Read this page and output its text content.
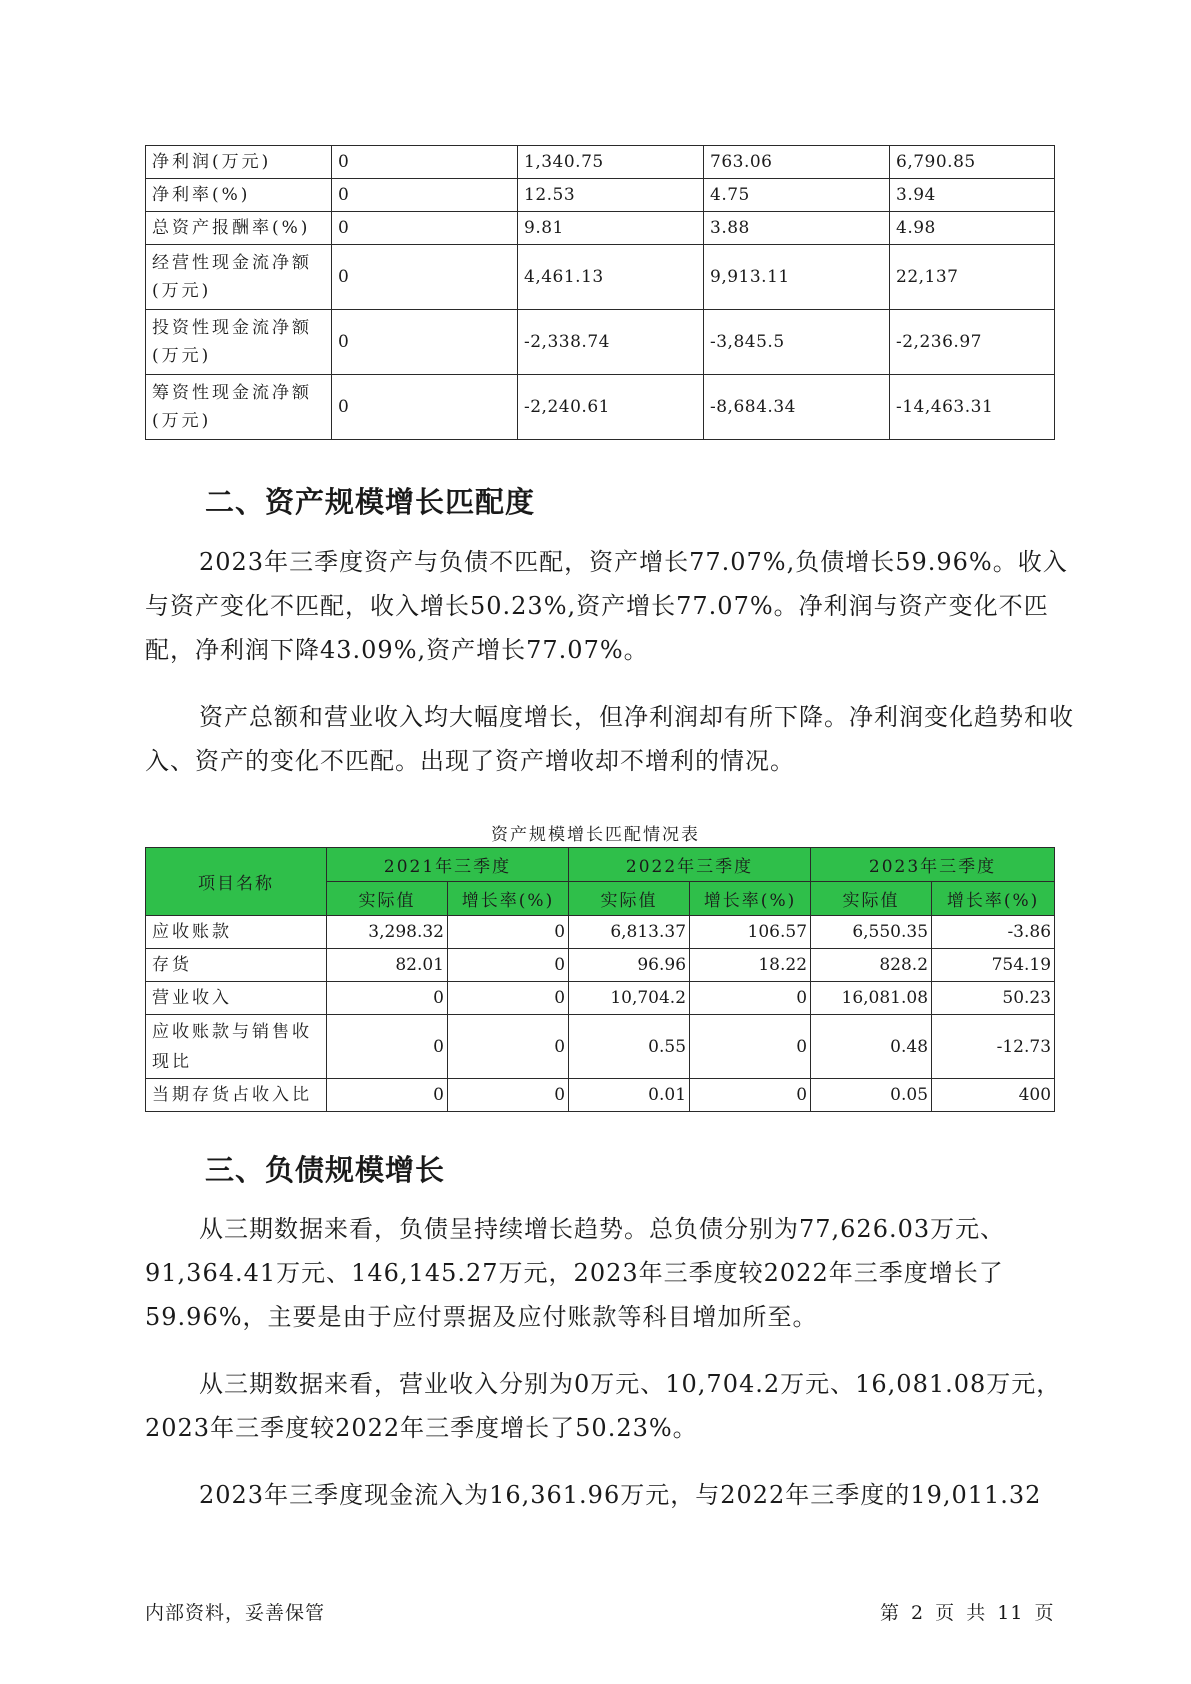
净利润(万元)	0	1,340.75	763.06	6,790.85
净利率(%)	0	12.53	4.75	3.94
总资产报酬率(%)	0	9.81	3.88	4.98
经营性现金流净额(万元)	0	4,461.13	9,913.11	22,137
投资性现金流净额(万元)	0	-2,338.74	-3,845.5	-2,236.97
筹资性现金流净额(万元)	0	-2,240.61	-8,684.34	-14,463.31
二、资产规模增长匹配度

2023年三季度资产与负债不匹配，资产增长77.07%,负债增长59.96%。收入与资产变化不匹配，收入增长50.23%,资产增长77.07%。净利润与资产变化不匹配，净利润下降43.09%,资产增长77.07%。

资产总额和营业收入均大幅度增长，但净利润却有所下降。净利润变化趋势和收入、资产的变化不匹配。出现了资产增收却不增利的情况。

资产规模增长匹配情况表
项目名称	2021年三季度		2022年三季度		2023年三季度	
	实际值	增长率(%)	实际值	增长率(%)	实际值	增长率(%)
应收账款	3,298.32	0	6,813.37	106.57	6,550.35	-3.86
存货	82.01	0	96.96	18.22	828.2	754.19
营业收入	0	0	10,704.2	0	16,081.08	50.23
应收账款与销售收现比	0	0	0.55	0	0.48	-12.73
当期存货占收入比	0	0	0.01	0	0.05	400
三、负债规模增长

从三期数据来看，负债呈持续增长趋势。总负债分别为77,626.03万元、91,364.41万元、146,145.27万元，2023年三季度较2022年三季度增长了59.96%，主要是由于应付票据及应付账款等科目增加所至。

从三期数据来看，营业收入分别为0万元、10,704.2万元、16,081.08万元，2023年三季度较2022年三季度增长了50.23%。

2023年三季度现金流入为16,361.96万元，与2022年三季度的19,011.32

内部资料，妥善保管	第 2 页 共 11 页
